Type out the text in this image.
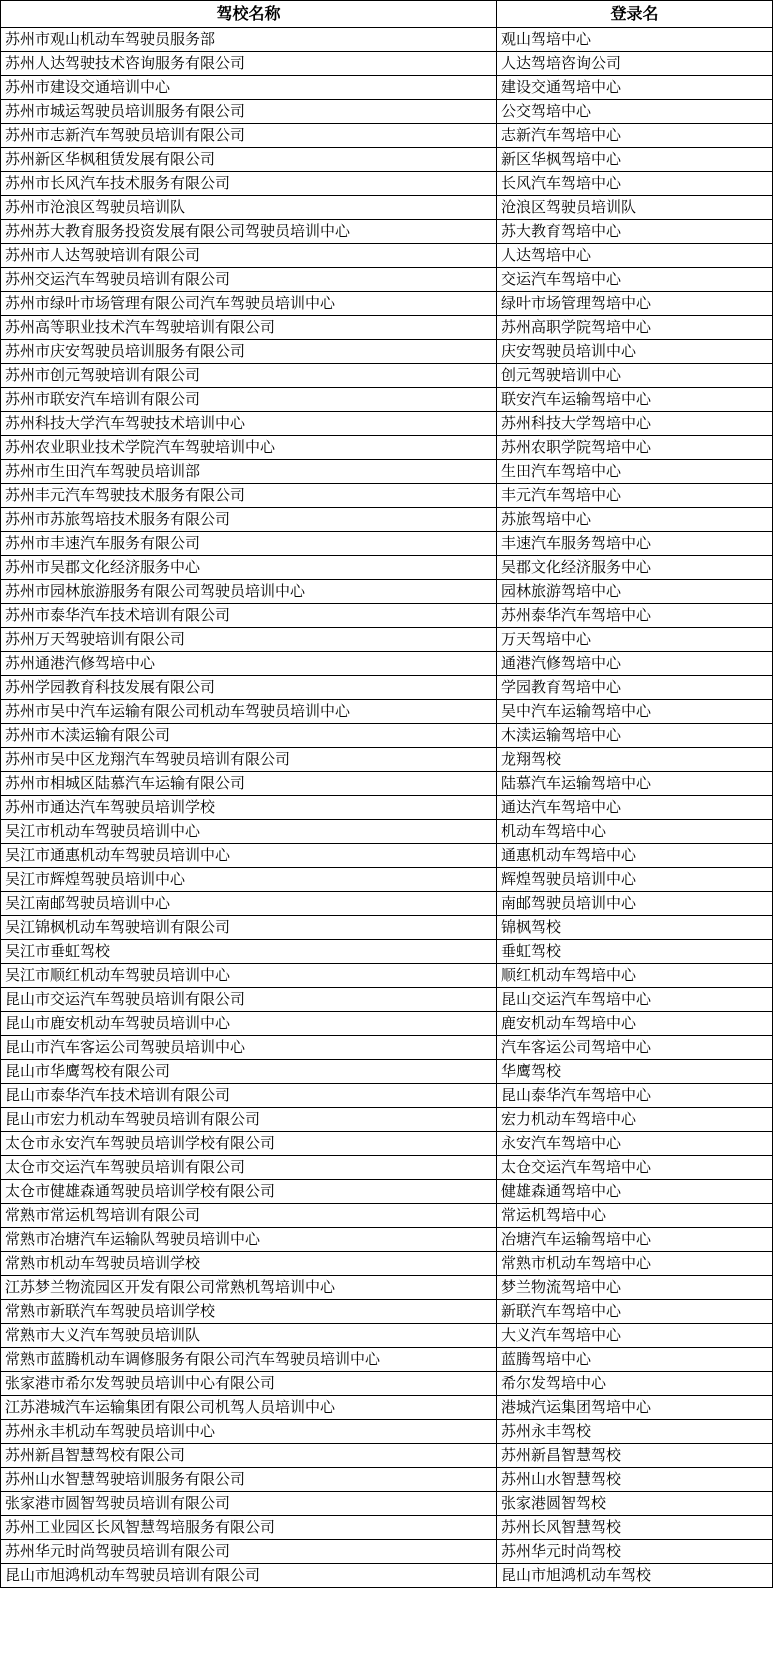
驾校名称	登录名
苏州市观山机动车驾驶员服务部	观山驾培中心
苏州人达驾驶技术咨询服务有限公司	人达驾培咨询公司
苏州市建设交通培训中心	建设交通驾培中心
苏州市城运驾驶员培训服务有限公司	公交驾培中心
苏州市志新汽车驾驶员培训有限公司	志新汽车驾培中心
苏州新区华枫租赁发展有限公司	新区华枫驾培中心
苏州市长风汽车技术服务有限公司	长风汽车驾培中心
苏州市沧浪区驾驶员培训队	沧浪区驾驶员培训队
苏州苏大教育服务投资发展有限公司驾驶员培训中心	苏大教育驾培中心
苏州市人达驾驶培训有限公司	人达驾培中心
苏州交运汽车驾驶员培训有限公司	交运汽车驾培中心
苏州市绿叶市场管理有限公司汽车驾驶员培训中心	绿叶市场管理驾培中心
苏州高等职业技术汽车驾驶培训有限公司	苏州高职学院驾培中心
苏州市庆安驾驶员培训服务有限公司	庆安驾驶员培训中心
苏州市创元驾驶培训有限公司	创元驾驶培训中心
苏州市联安汽车培训有限公司	联安汽车运输驾培中心
苏州科技大学汽车驾驶技术培训中心	苏州科技大学驾培中心
苏州农业职业技术学院汽车驾驶培训中心	苏州农职学院驾培中心
苏州市生田汽车驾驶员培训部	生田汽车驾培中心
苏州丰元汽车驾驶技术服务有限公司	丰元汽车驾培中心
苏州市苏旅驾培技术服务有限公司	苏旅驾培中心
苏州市丰速汽车服务有限公司	丰速汽车服务驾培中心
苏州市吴郡文化经济服务中心	吴郡文化经济服务中心
苏州市园林旅游服务有限公司驾驶员培训中心	园林旅游驾培中心
苏州市泰华汽车技术培训有限公司	苏州泰华汽车驾培中心
苏州万天驾驶培训有限公司	万天驾培中心
苏州通港汽修驾培中心	通港汽修驾培中心
苏州学园教育科技发展有限公司	学园教育驾培中心
苏州市吴中汽车运输有限公司机动车驾驶员培训中心	吴中汽车运输驾培中心
苏州市木渎运输有限公司	木渎运输驾培中心
苏州市吴中区龙翔汽车驾驶员培训有限公司	龙翔驾校
苏州市相城区陆慕汽车运输有限公司	陆慕汽车运输驾培中心
苏州市通达汽车驾驶员培训学校	通达汽车驾培中心
吴江市机动车驾驶员培训中心	机动车驾培中心
吴江市通惠机动车驾驶员培训中心	通惠机动车驾培中心
吴江市辉煌驾驶员培训中心	辉煌驾驶员培训中心
吴江南邮驾驶员培训中心	南邮驾驶员培训中心
吴江锦枫机动车驾驶培训有限公司	锦枫驾校
吴江市垂虹驾校	垂虹驾校
吴江市顺红机动车驾驶员培训中心	顺红机动车驾培中心
昆山市交运汽车驾驶员培训有限公司	昆山交运汽车驾培中心
昆山市鹿安机动车驾驶员培训中心	鹿安机动车驾培中心
昆山市汽车客运公司驾驶员培训中心	汽车客运公司驾培中心
昆山市华鹰驾校有限公司	华鹰驾校
昆山市泰华汽车技术培训有限公司	昆山泰华汽车驾培中心
昆山市宏力机动车驾驶员培训有限公司	宏力机动车驾培中心
太仓市永安汽车驾驶员培训学校有限公司	永安汽车驾培中心
太仓市交运汽车驾驶员培训有限公司	太仓交运汽车驾培中心
太仓市健雄森通驾驶员培训学校有限公司	健雄森通驾培中心
常熟市常运机驾培训有限公司	常运机驾培中心
常熟市冶塘汽车运输队驾驶员培训中心	冶塘汽车运输驾培中心
常熟市机动车驾驶员培训学校	常熟市机动车驾培中心
江苏梦兰物流园区开发有限公司常熟机驾培训中心	梦兰物流驾培中心
常熟市新联汽车驾驶员培训学校	新联汽车驾培中心
常熟市大义汽车驾驶员培训队	大义汽车驾培中心
常熟市蓝腾机动车调修服务有限公司汽车驾驶员培训中心	蓝腾驾培中心
张家港市希尔发驾驶员培训中心有限公司	希尔发驾培中心
江苏港城汽车运输集团有限公司机驾人员培训中心	港城汽运集团驾培中心
苏州永丰机动车驾驶员培训中心	苏州永丰驾校
苏州新昌智慧驾校有限公司	苏州新昌智慧驾校
苏州山水智慧驾驶培训服务有限公司	苏州山水智慧驾校
张家港市圆智驾驶员培训有限公司	张家港圆智驾校
苏州工业园区长风智慧驾培服务有限公司	苏州长风智慧驾校
苏州华元时尚驾驶员培训有限公司	苏州华元时尚驾校
昆山市旭鸿机动车驾驶员培训有限公司	昆山市旭鸿机动车驾校
